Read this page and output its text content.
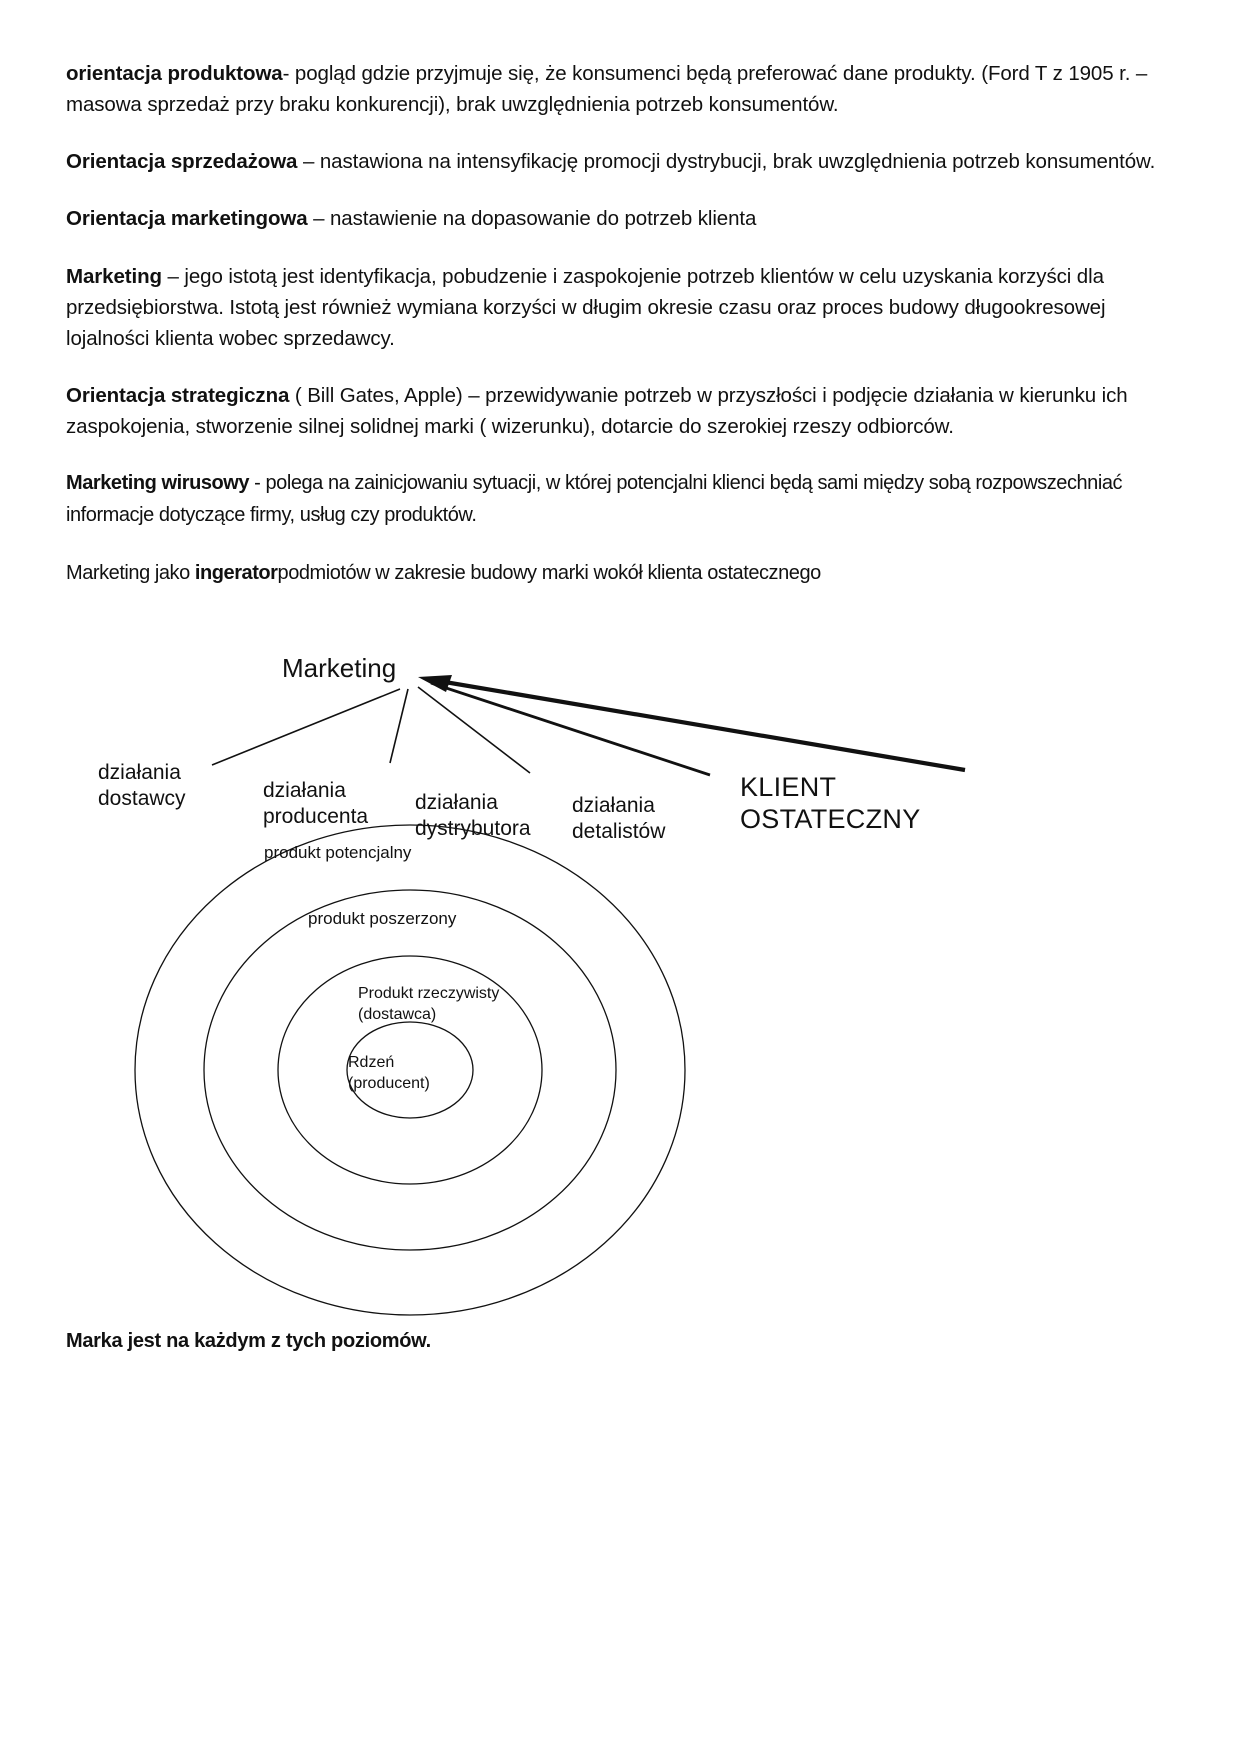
orientacja produktowa- pogląd gdzie przyjmuje się, że konsumenci będą preferować dane produkty. (Ford T z 1905 r. – masowa sprzedaż przy braku konkurencji), brak uwzględnienia potrzeb konsumentów.

Orientacja sprzedażowa – nastawiona na intensyfikację promocji dystrybucji, brak uwzględnienia potrzeb konsumentów.

Orientacja marketingowa – nastawienie na dopasowanie do potrzeb klienta

Marketing – jego istotą jest identyfikacja, pobudzenie i zaspokojenie potrzeb klientów w celu uzyskania korzyści dla przedsiębiorstwa. Istotą jest również wymiana korzyści w długim okresie czasu oraz proces budowy długookresowej lojalności klienta wobec sprzedawcy.

Orientacja strategiczna ( Bill Gates, Apple) – przewidywanie potrzeb w przyszłości i podjęcie działania w kierunku ich zaspokojenia, stworzenie silnej solidnej marki ( wizerunku), dotarcie do szerokiej rzeszy odbiorców.

Marketing wirusowy - polega na zainicjowaniu sytuacji, w której potencjalni klienci będą sami między sobą rozpowszechniać informacje dotyczące firmy, usług czy produktów.

Marketing jako ingeratorpodmiotów w zakresie budowy marki wokół klienta ostatecznego

Marketing
działania
dostawcy	działania
producenta
działania
dystrybutora
działania
detalistów
KLIENT
OSTATECZNY
produkt potencjalny
produkt poszerzony
Produkt rzeczywisty
(dostawca)
Rdzeń
(producent)
Marka jest na każdym z tych poziomów.
